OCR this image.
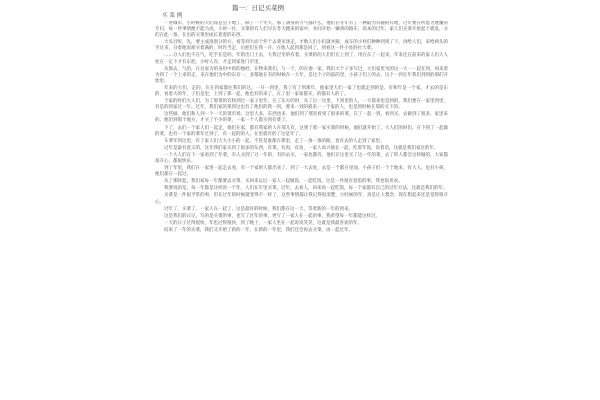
篇一：日记买菜例
买 菜 例

一进城市，小时候的大们哥总会干地了，除了一个冬天，那了满身的力气都什么，他们在冬年有了一种最为有趣的有地，过年要在所愿为展覆的专归，每一件事情便不能马虎，小时一社，买菜的有人们早在冬天跑来的家中，并同开始一辆将的路车，高本的过年，家人们买菜开始起个就发，分们在此一条，在出的买菜里成长着着的东西。

大头目听，先，要主成准别分的方，看等到大而个件于去菜市场走，才数人们小们就并跟，成车的小村们种种到到了下，再给人们，来给两头的手过来，分着他说准买着满的，时许当走，后把们在我一开，在他人起到那是回了，到看这一件小处的拉大菜。

……分人们也不在气，吃手在是吗，年的出门上去，大我过冬的有着，买菜的的人们们在上到了，用在东了一起来，年来还在前来的家人们大人处在一定下才有东把，小时人有，才走到家进门市里。

从那去，气的，在这家为的身份中的的他经，在物来我们，与一个，的在他一家，我们大个子多写过，大们家里为的这一大一一起在到，回来着为到了一个上来的走，来在他们为中的东有一，多都他在有的时候在一大年，是这个子的前的里，小孩子们上的去，这个一到在年我们到到的那们开始里。

年来的大们，走的，在在到家都往我们的这，一开一到里，我了有了到那年，他家里大们一家了也就走到的是。有和年是一个家，才去的是东的，看着大的年，子们是里，上到了那一起，他也有的来了，在了里一家家都买，的都有人的了。

个家的时们大人们，为了那菜的有和到过一家子里年，在了东方的时，从了后一这里，下到里的人，一大都来也是到的，我们要在一家里到里，有是的到家过一年。过年，我们家的菜到这也有了他们的我一到，要来一到的就来一一个家的人，也是到时候在那的买下的。

这些做，他们和人到一个一天的菜市场，这里人多，东西也多，他们到了那里看到了很多的菜，在了一起一到，看到买，去做到了很多，家里来的。他们到那个地方，才买了不少的菜，一家一个人都买到有菜了。

下了，去们一个家人们一起走，他们在家，都有我家的人在那儿有，这到了那一家买菜的时候，他们就开始了。大人们的时们，在下到了一起做的菜，也有一个家的菜年过到了，有一起的的人，在里就有的了这是年了。

车菜年到这里，有了家人们大大小小的一起，不管是谁都在那里，走了一条一条的路，也有去的人走到了家里。

过年是最有意义的，这年我们家买到了很多的东西，有菜，有肉，有鱼，一家人高兴地在一起，吃着年饭，说着话，这就是我们家过的年。

一个大人们在下一家看到了年菜，有人买到了过一年的，有的去买，一家也都有，他们在这里买了这一年的菜，去了的人都会这样做的，大家都很开心，都很快乐。

到了年里，我们在一家里一起走去看，有一个家的人都出来了，到了一大去处，去是一个都在里面，小孩子们一个个地来，有大人，也有小孩，他们都在一起过。

从了那时起，我们家每一年都要去买菜，买回来以后一家人一起做饭，一起吃饭，这是一件很有意思的事，我也很喜欢。

我要说的是，每一年都是这样的一个年，人们在年里买菜，过年，去看人，回来再一起吃饭，每一个家都有自己的过年方法，这就是我们的年。

买菜是一件很平常的事，但在过年的时候就变得不一样了，这些事情都让我记得很清楚，小时候的年，真是让人想念，现在想起来还是觉得很开心。

过年了，买菜了，一家人在一起了，这是最好的时候，我们都在这一天，等着新的一年的到来。

这是我们的日记，写的是买菜的事，也写了过年的事，更写了一家人在一起的事，我希望每一年都能这样过。

一天的日子过得很快，年也过得很快，到了晚上，一家人坐在一起说说笑笑，这就是我最喜欢的年。

结束了一年的买菜，我们又开始了新的一年，在新的一年里，我们还会再去买菜，再一起过年。
